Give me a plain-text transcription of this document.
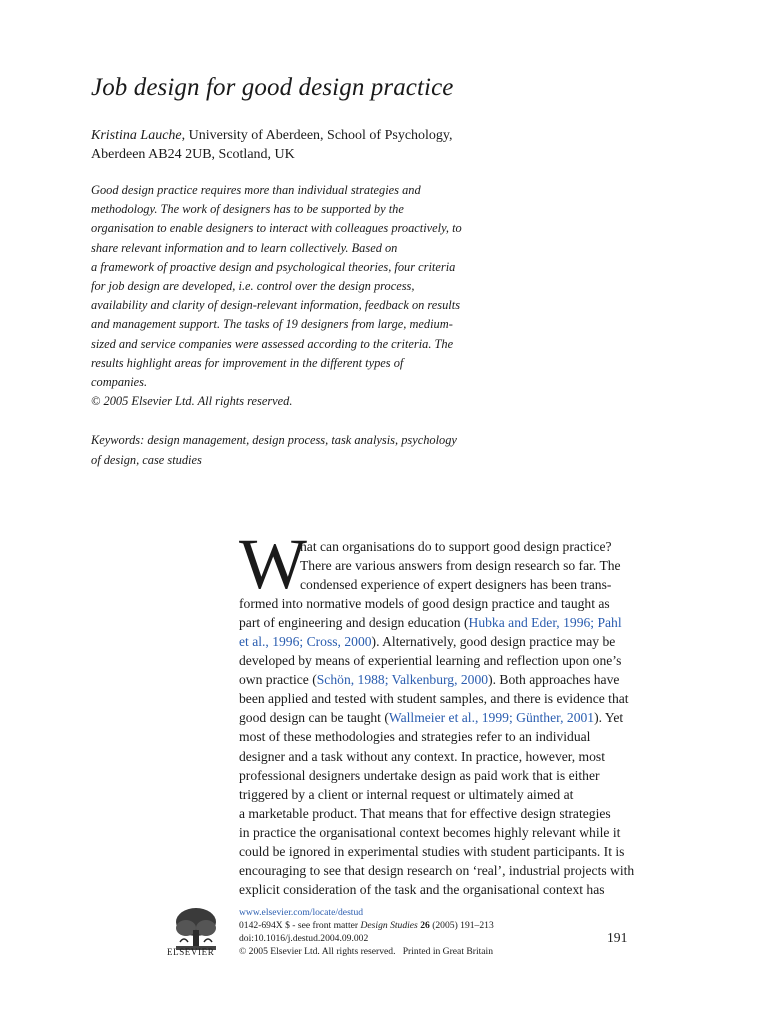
Job design for good design practice
Kristina Lauche, University of Aberdeen, School of Psychology,
Aberdeen AB24 2UB, Scotland, UK
Good design practice requires more than individual strategies and
methodology. The work of designers has to be supported by the
organisation to enable designers to interact with colleagues proactively, to
share relevant information and to learn collectively. Based on
a framework of proactive design and psychological theories, four criteria
for job design are developed, i.e. control over the design process,
availability and clarity of design-relevant information, feedback on results
and management support. The tasks of 19 designers from large, medium-
sized and service companies were assessed according to the criteria. The
results highlight areas for improvement in the different types of
companies.
© 2005 Elsevier Ltd. All rights reserved.
Keywords: design management, design process, task analysis, psychology
of design, case studies
W
hat can organisations do to support good design practice?
There are various answers from design research so far. The
condensed experience of expert designers has been trans-
formed into normative models of good design practice and taught as
part of engineering and design education ( Hubka and Eder, 1996; Pahl
et al., 1996; Cross, 2000 ). Alternatively, good design practice may be
developed by means of experiential learning and reflection upon one’s
own practice ( Schön, 1988; Valkenburg, 2000 ). Both approaches have
been applied and tested with student samples, and there is evidence that
good design can be taught ( Wallmeier et al., 1999; Günther, 2001 ). Yet
most of these methodologies and strategies refer to an individual
designer and a task without any context. In practice, however, most
professional designers undertake design as paid work that is either
triggered by a client or internal request or ultimately aimed at
a marketable product. That means that for effective design strategies
in practice the organisational context becomes highly relevant while it
could be ignored in experimental studies with student participants. It is
encouraging to see that design research on ‘real’, industrial projects with
explicit consideration of the task and the organisational context has
ELSEVIER
www.elsevier.com/locate/destud
0142-694X $ - see front matter Design Studies 26 (2005) 191–213
doi:10.1016/j.destud.2004.09.002
© 2005 Elsevier Ltd. All rights reserved. Printed in Great Britain
191
